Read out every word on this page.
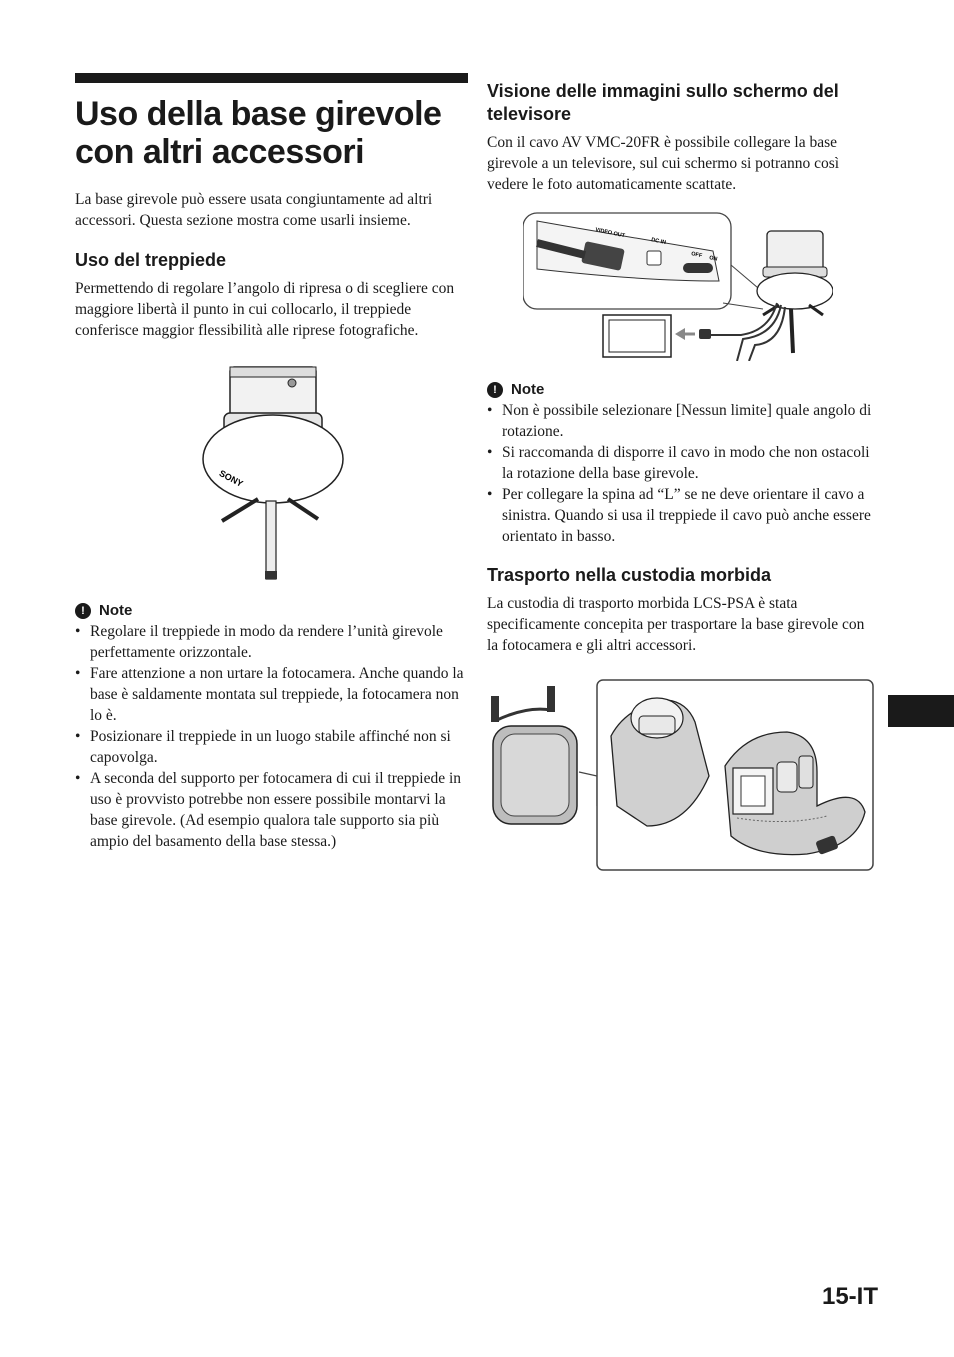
Uso della base girevole con altri accessori

La base girevole può essere usata congiuntamente ad altri accessori. Questa sezione mostra come usarli insieme.

Uso del treppiede

Permettendo di regolare l’angolo di ripresa o di scegliere con maggiore libertà il punto in cui collocarlo, il treppiede conferisce maggior flessibilità alle riprese fotografiche.

SONY
! Note
• Regolare il treppiede in modo da rendere l’unità girevole perfettamente orizzontale.
• Fare attenzione a non urtare la fotocamera. Anche quando la base è saldamente montata sul treppiede, la fotocamera non lo è.
• Posizionare il treppiede in un luogo stabile affinché non si capovolga.
• A seconda del supporto per fotocamera di cui il treppiede in uso è provvisto potrebbe non essere possibile montarvi la base girevole. (Ad esempio qualora tale supporto sia più ampio del basamento della base stessa.)
Visione delle immagini sullo schermo del televisore

Con il cavo AV VMC-20FR è possibile collegare la base girevole a un televisore, sul cui schermo si potranno così vedere le foto automaticamente scattate.

VIDEO OUT
DC IN
OFF ON
! Note
• Non è possibile selezionare [Nessun limite] quale angolo di rotazione.
• Si raccomanda di disporre il cavo in modo che non ostacoli la rotazione della base girevole.
• Per collegare la spina ad “L” se ne deve orientare il cavo a sinistra. Quando si usa il treppiede il cavo può anche essere orientato in basso.
Trasporto nella custodia morbida

La custodia di trasporto morbida LCS-PSA è stata specificamente concepita per trasportare la base girevole con la fotocamera e gli altri accessori.

15-IT
